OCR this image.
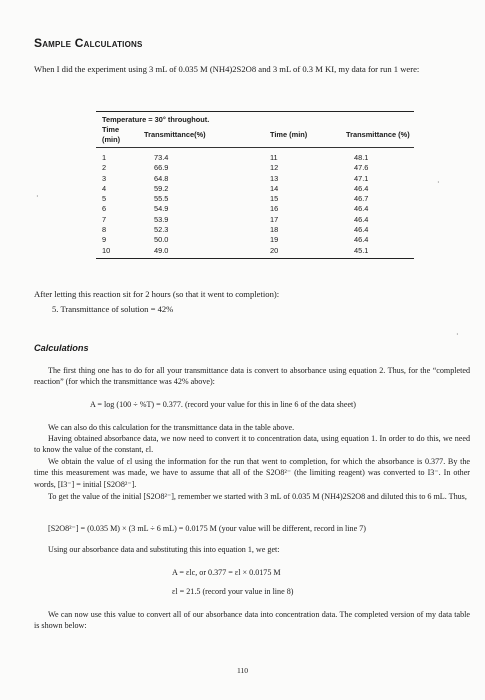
Sample Calculations

When I did the experiment using 3 mL of 0.035 M (NH4)2S2O8 and 3 mL of 0.3 M KI, my data for run 1 were:

Temperature = 30° throughout.			
Time (min)	Transmittance(%)	Time (min)	Transmittance (%)
1	73.4	11	48.1
2	66.9	12	47.6
3	64.8	13	47.1
4	59.2	14	46.4
5	55.5	15	46.7
6	54.9	16	46.4
7	53.9	17	46.4
8	52.3	18	46.4
9	50.0	19	46.4
10	49.0	20	45.1

After letting this reaction sit for 2 hours (so that it went to completion):

5. Transmittance of solution = 42%

Calculations

The first thing one has to do for all your transmittance data is convert to absorbance using equation 2. Thus, for the “completed reaction” (for which the transmittance was 42% above):

A = log (100 ÷ %T) = 0.377. (record your value for this in line 6 of the data sheet)

We can also do this calculation for the transmittance data in the table above.

Having obtained absorbance data, we now need to convert it to concentration data, using equation 1. In order to do this, we need to know the value of the constant, εl.

We obtain the value of εl using the information for the run that went to completion, for which the absorbance is 0.377. By the time this measurement was made, we have to assume that all of the S2O8²⁻ (the limiting reagent) was converted to I3⁻. In other words, [I3⁻] = initial [S2O8²⁻].

To get the value of the initial [S2O8²⁻], remember we started with 3 mL of 0.035 M (NH4)2S2O8 and diluted this to 6 mL. Thus,

[S2O8²⁻] = (0.035 M) × (3 mL ÷ 6 mL) = 0.0175 M (your value will be different, record in line 7)

Using our absorbance data and substituting this into equation 1, we get:

A = εlc, or 0.377 = εl × 0.0175 M

εl = 21.5 (record your value in line 8)

We can now use this value to convert all of our absorbance data into concentration data. The completed version of my data table is shown below:

110

·
·
·
